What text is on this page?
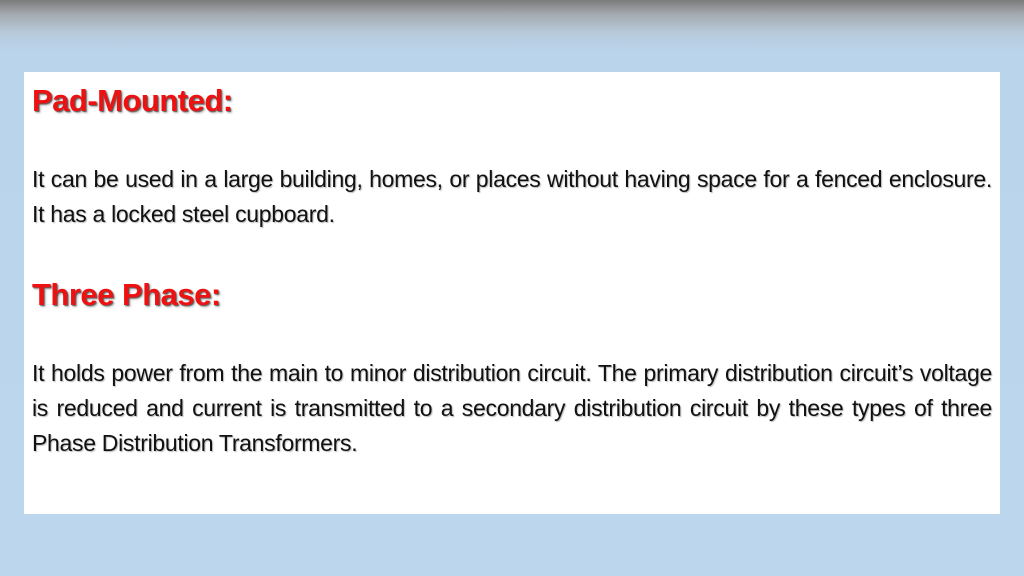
Pad-Mounted:

It can be used in a large building, homes, or places without having space for a fenced enclosure. It has a locked steel cupboard.

Three Phase:

It holds power from the main to minor distribution circuit. The primary distribution circuit’s voltage is reduced and current is transmitted to a secondary distribution circuit by these types of three Phase Distribution Transformers.
